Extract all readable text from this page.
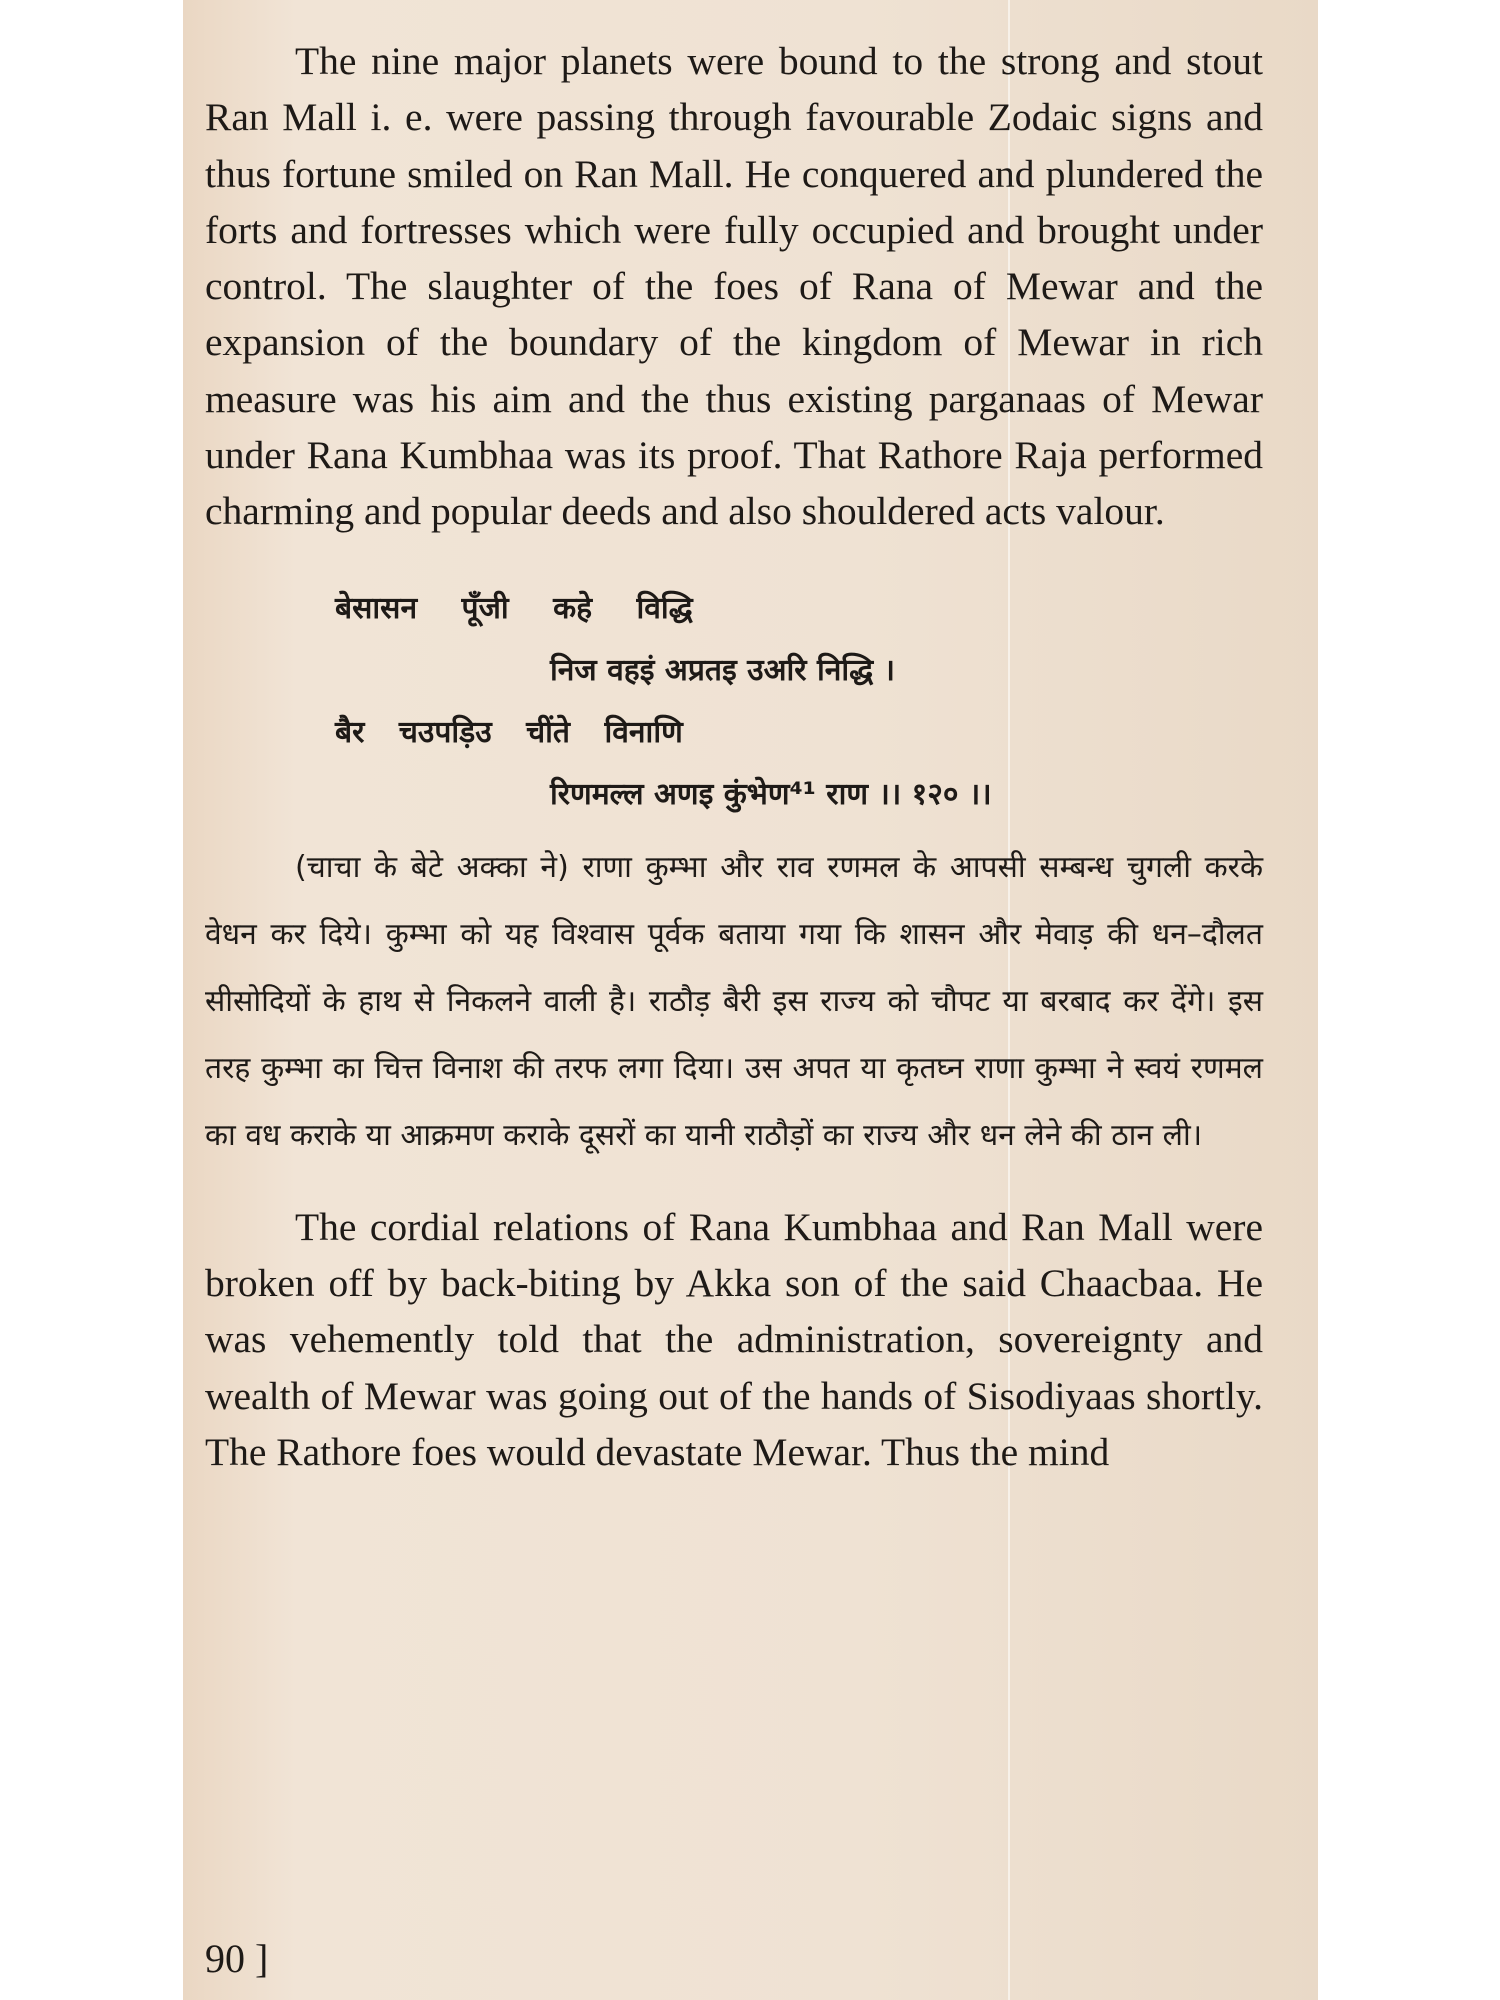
The nine major planets were bound to the strong and stout Ran Mall i. e. were passing through favourable Zodaic signs and thus fortune smiled on Ran Mall. He conquered and plundered the forts and fortresses which were fully occupied and brought under control. The slaughter of the foes of Rana of Mewar and the expansion of the boundary of the kingdom of Mewar in rich measure was his aim and the thus existing parganaas of Mewar under Rana Kumbhaa was its proof. That Rathore Raja performed charming and popular deeds and also shouldered acts valour.

बेसासन पूँजी कहे विद्धि
निज वहइं अप्रतइ उअरि निद्धि ।
बैर चउपड़िउ चींते विनाणि
रिणमल्ल अणइ कुंभेण⁴¹ राण ।। १२० ।।

(चाचा के बेटे अक्का ने) राणा कुम्भा और राव रणमल के आपसी सम्बन्ध चुगली करके वेधन कर दिये। कुम्भा को यह विश्वास पूर्वक बताया गया कि शासन और मेवाड़ की धन–दौलत सीसोदियों के हाथ से निकलने वाली है। राठौड़ बैरी इस राज्य को चौपट या बरबाद कर देंगे। इस तरह कुम्भा का चित्त विनाश की तरफ लगा दिया। उस अपत या कृतघ्न राणा कुम्भा ने स्वयं रणमल का वध कराके या आक्रमण कराके दूसरों का यानी राठौड़ों का राज्य और धन लेने की ठान ली।

The cordial relations of Rana Kumbhaa and Ran Mall were broken off by back-biting by Akka son of the said Chaacbaa. He was vehemently told that the administration, sovereignty and wealth of Mewar was going out of the hands of Sisodiyaas shortly. The Rathore foes would devastate Mewar. Thus the mind

90 ]
